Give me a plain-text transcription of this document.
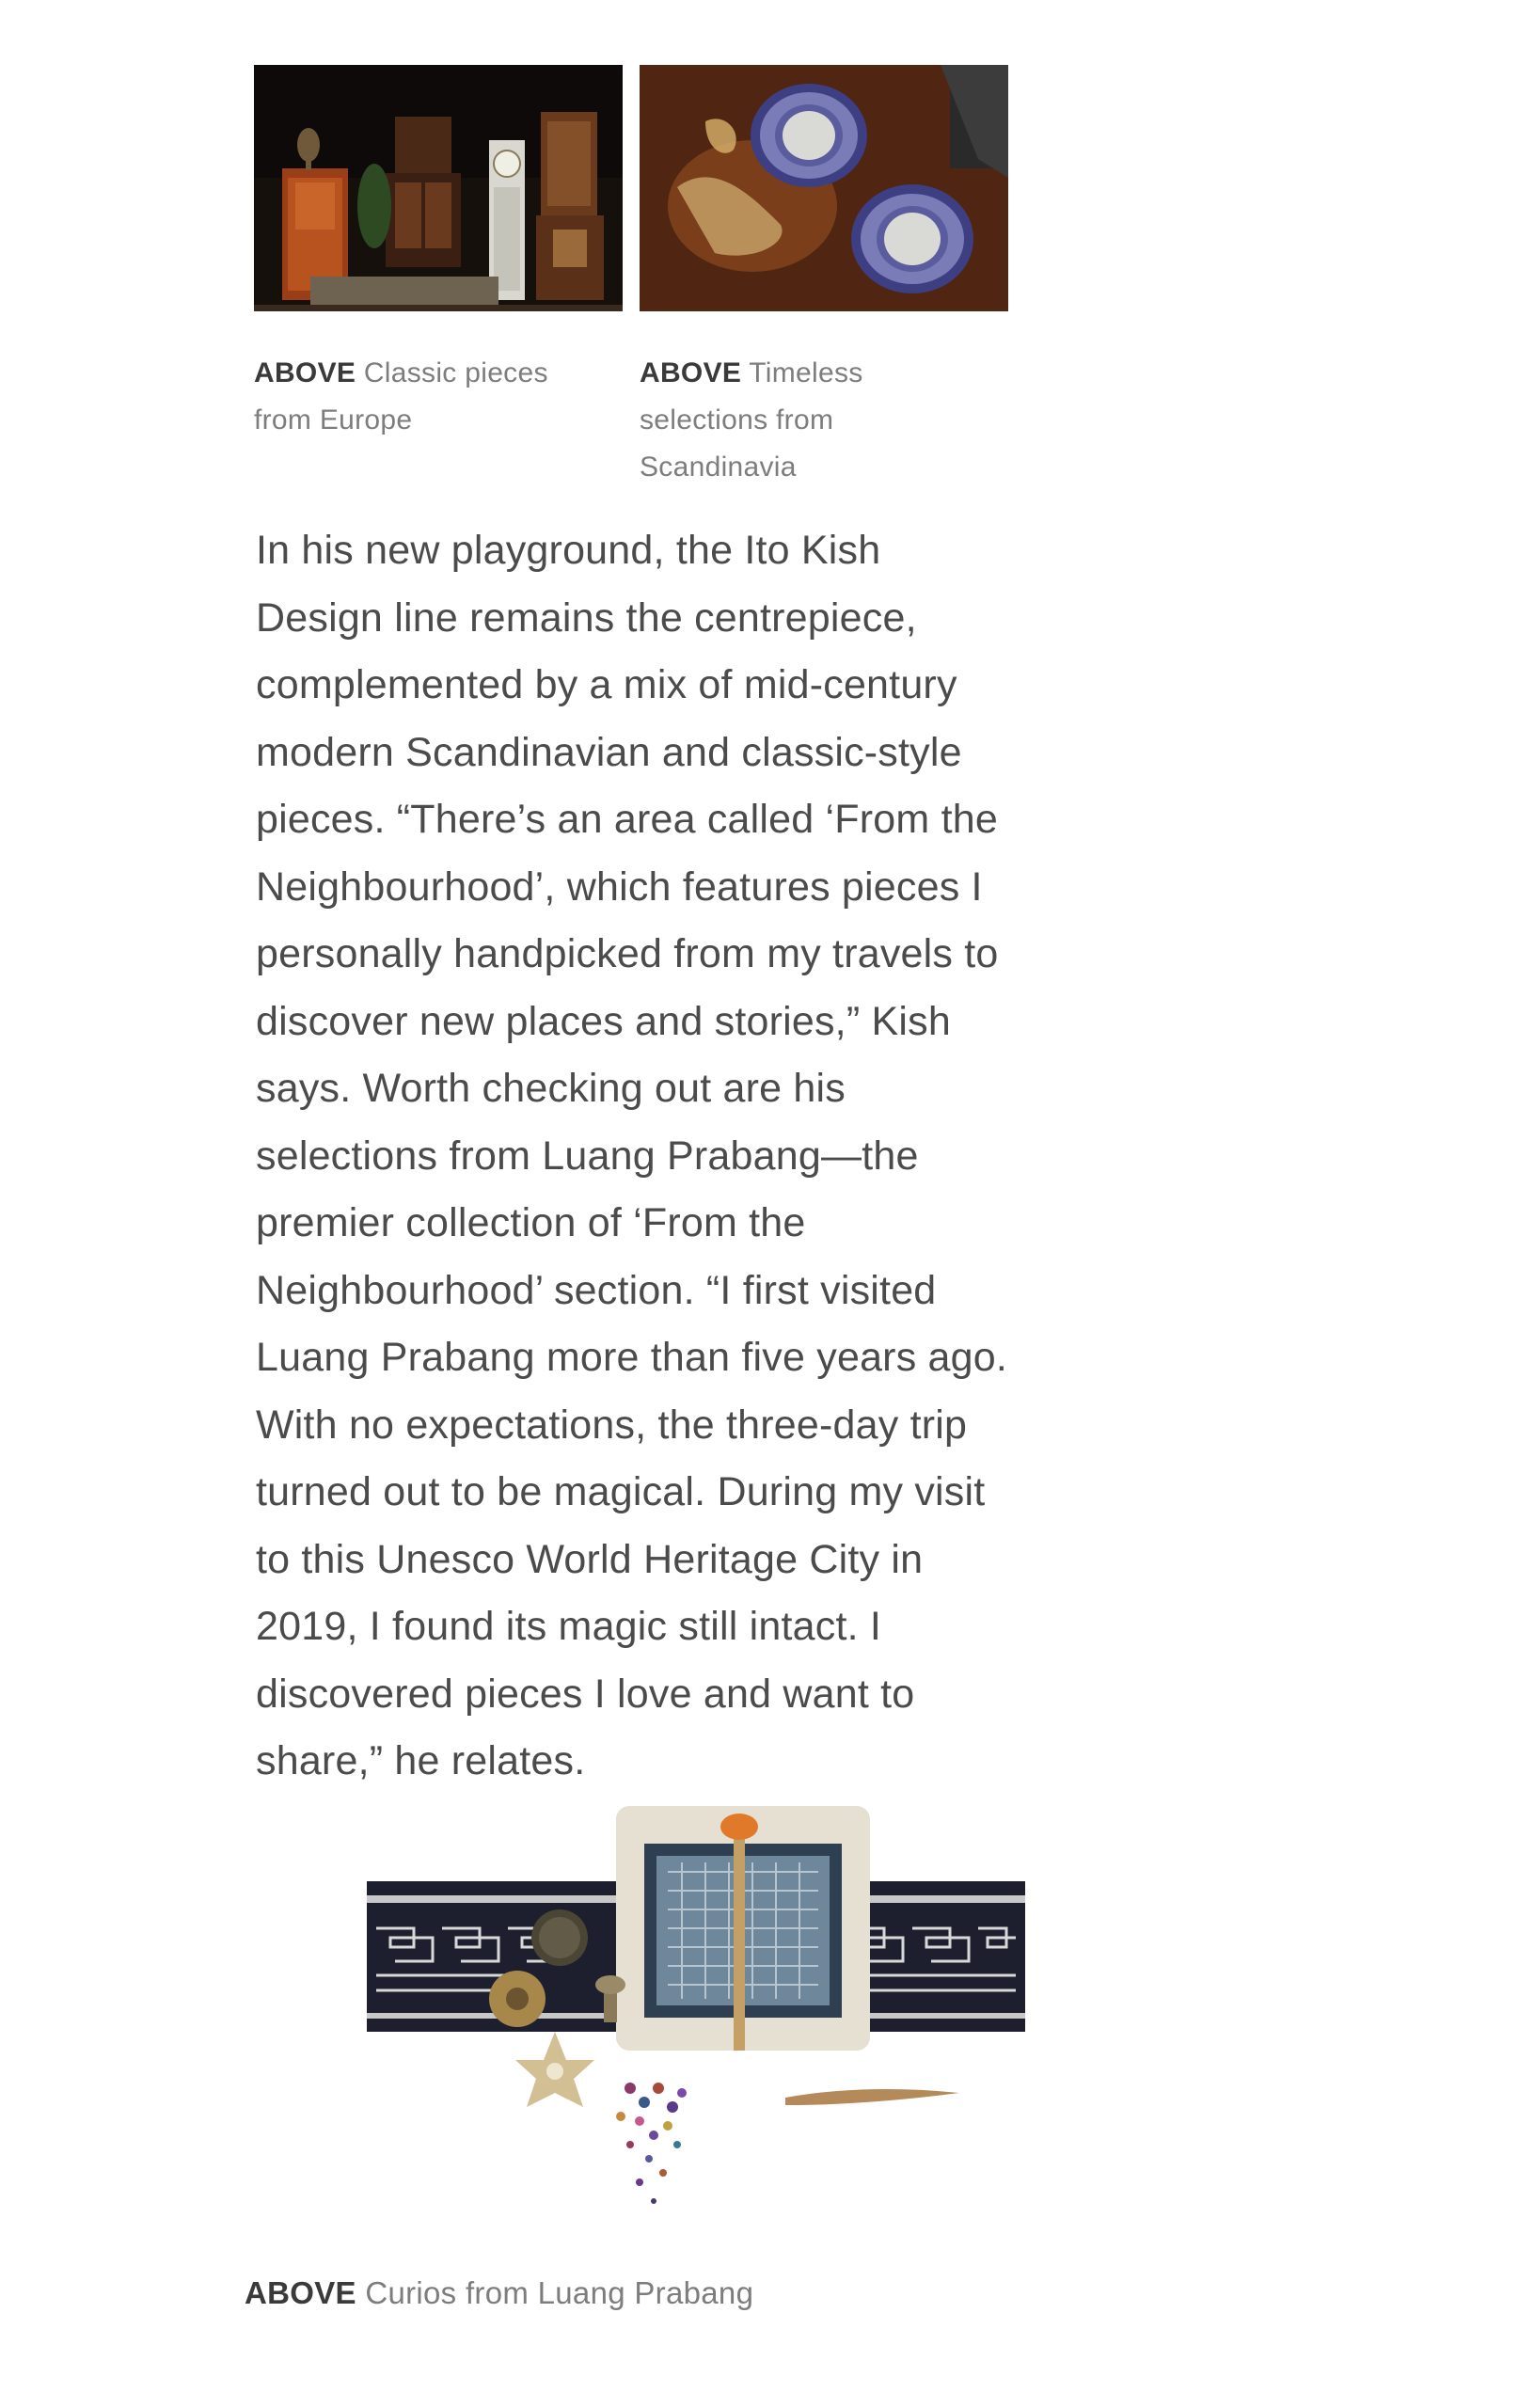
ABOVE Classic pieces
from Europe
ABOVE Timeless
selections from
Scandinavia
In his new playground, the Ito Kish
Design line remains the centrepiece,
complemented by a mix of mid-century
modern Scandinavian and classic-style
pieces. “There’s an area called ‘From the
Neighbourhood’, which features pieces I
personally handpicked from my travels to
discover new places and stories,” Kish
says. Worth checking out are his
selections from Luang Prabang—the
premier collection of ‘From the
Neighbourhood’ section. “I first visited
Luang Prabang more than five years ago.
With no expectations, the three-day trip
turned out to be magical. During my visit
to this Unesco World Heritage City in
2019, I found its magic still intact. I
discovered pieces I love and want to
share,” he relates.
ABOVE Curios from Luang Prabang
